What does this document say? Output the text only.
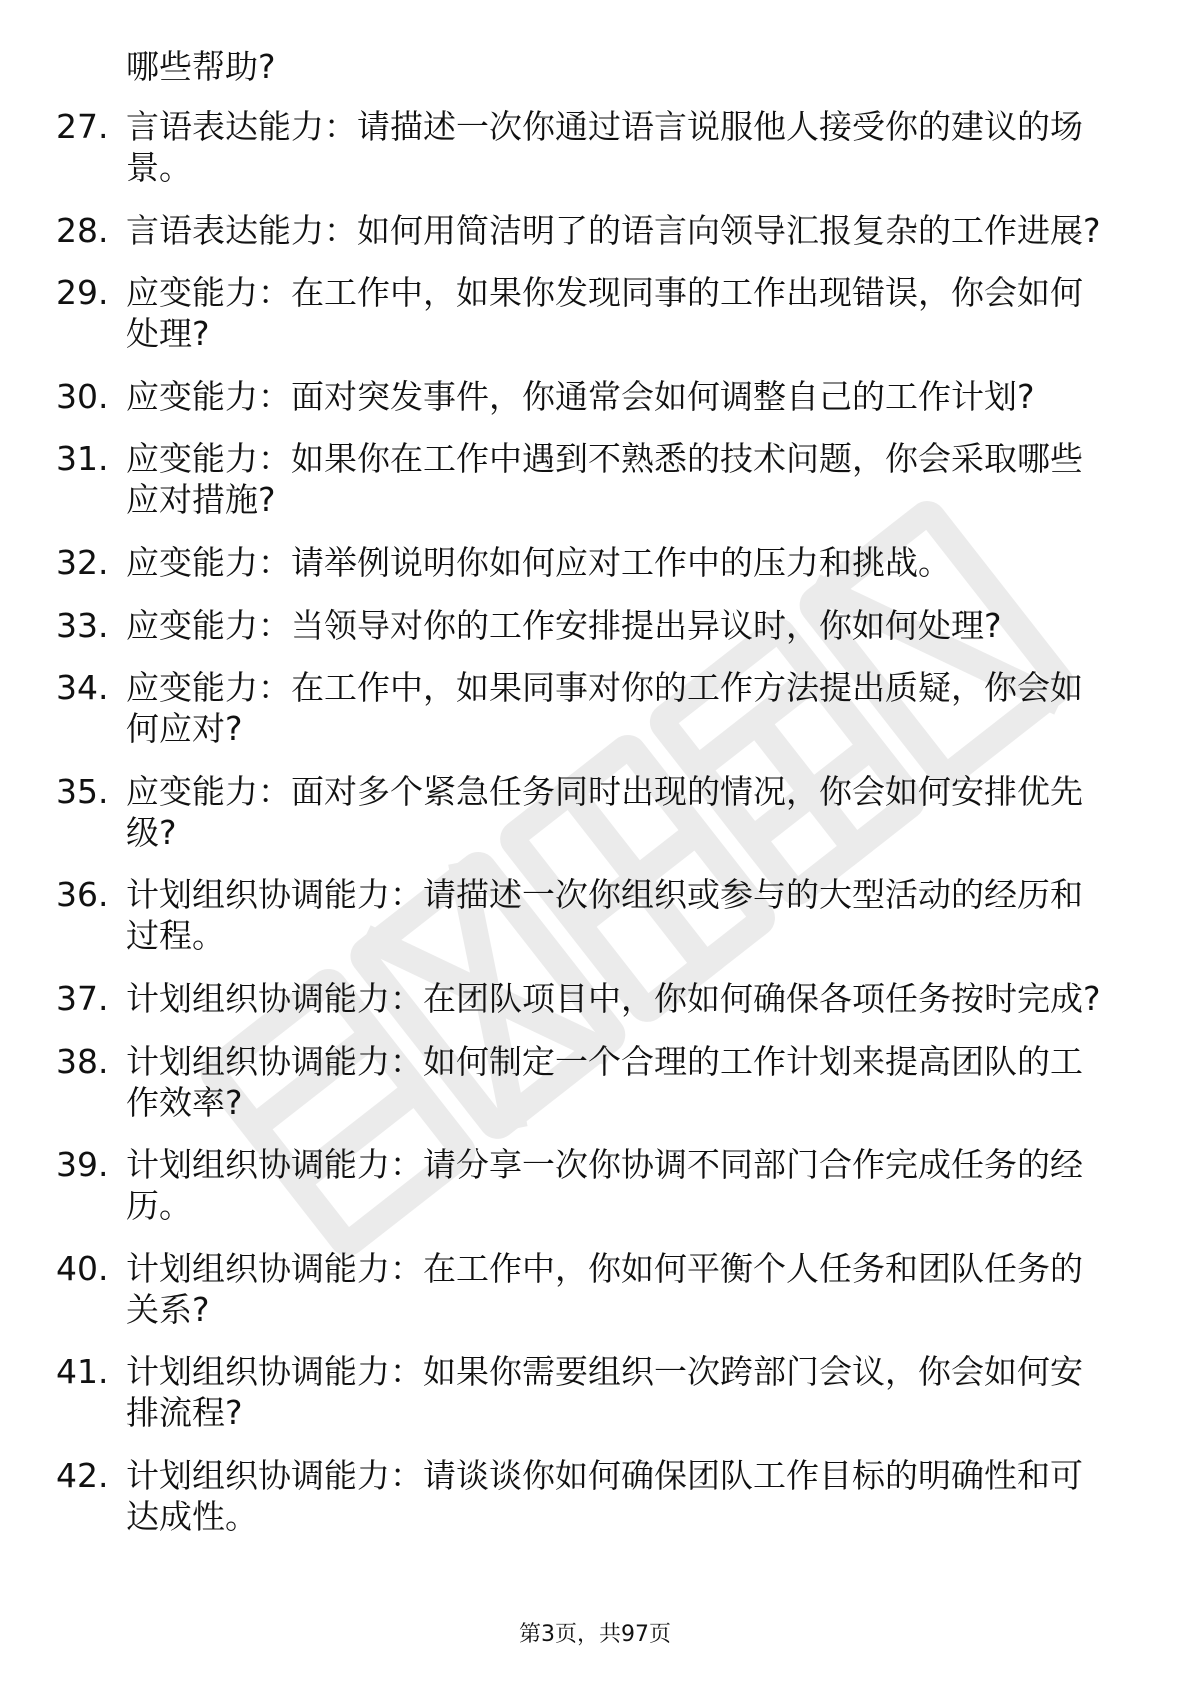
哪些帮助?
27. 言语表达能力：请描述一次你通过语言说服他人接受你的建议的场景。
28. 言语表达能力：如何用简洁明了的语言向领导汇报复杂的工作进展?
29. 应变能力：在工作中，如果你发现同事的工作出现错误，你会如何处理?
30. 应变能力：面对突发事件，你通常会如何调整自己的工作计划?
31. 应变能力：如果你在工作中遇到不熟悉的技术问题，你会采取哪些应对措施?
32. 应变能力：请举例说明你如何应对工作中的压力和挑战。
33. 应变能力：当领导对你的工作安排提出异议时，你如何处理?
34. 应变能力：在工作中，如果同事对你的工作方法提出质疑，你会如何应对?
35. 应变能力：面对多个紧急任务同时出现的情况，你会如何安排优先级?
36. 计划组织协调能力：请描述一次你组织或参与的大型活动的经历和过程。
37. 计划组织协调能力：在团队项目中，你如何确保各项任务按时完成?
38. 计划组织协调能力：如何制定一个合理的工作计划来提高团队的工作效率?
39. 计划组织协调能力：请分享一次你协调不同部门合作完成任务的经历。
40. 计划组织协调能力：在工作中，你如何平衡个人任务和团队任务的关系?
41. 计划组织协调能力：如果你需要组织一次跨部门会议，你会如何安排流程?
42. 计划组织协调能力：请谈谈你如何确保团队工作目标的明确性和可达成性。
第3页，共97页
